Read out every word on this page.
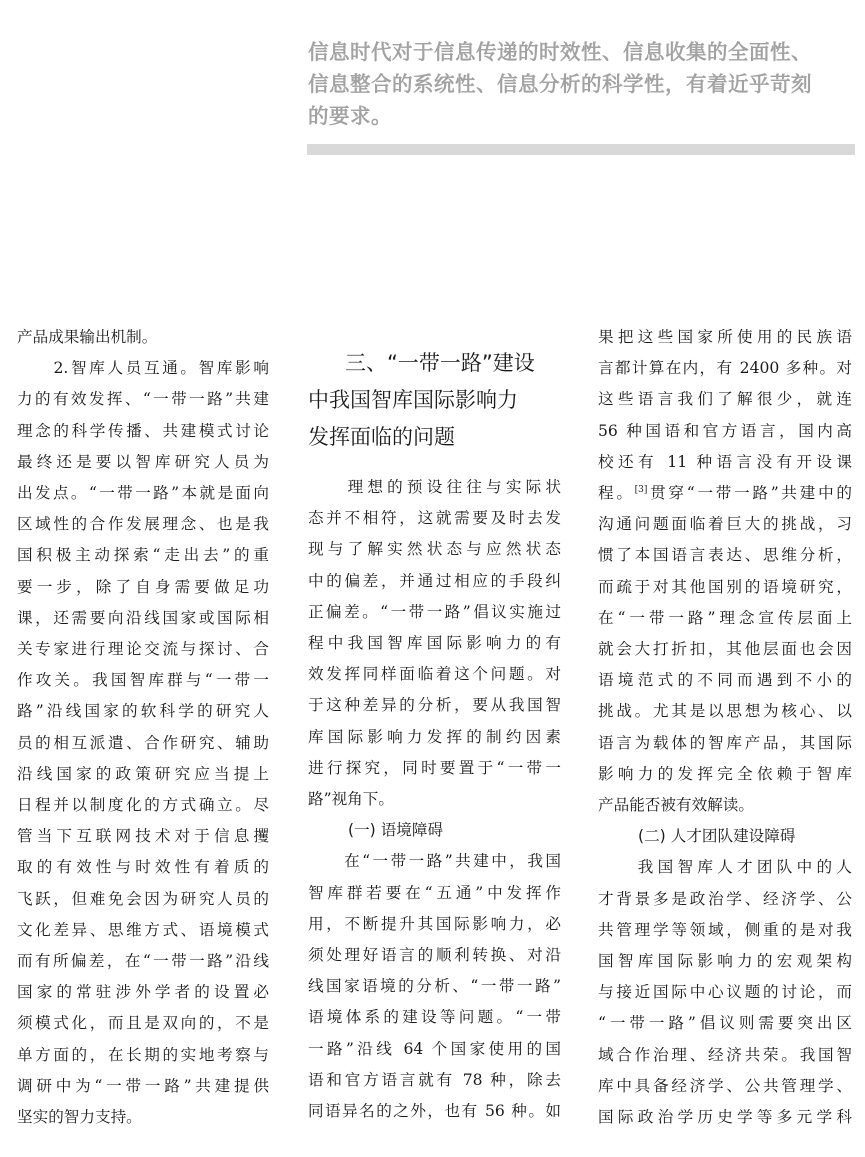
信息时代对于信息传递的时效性、信息收集的全面性、
信息整合的系统性、信息分析的科学性，有着近乎苛刻
的要求。
产品成果输出机制。
　　2.智库人员互通。智库影响
力的有效发挥、“一带一路”共建
理念的科学传播、共建模式讨论
最终还是要以智库研究人员为
出发点。“一带一路”本就是面向
区域性的合作发展理念、也是我
国积极主动探索“走出去”的重
要一步，除了自身需要做足功
课，还需要向沿线国家或国际相
关专家进行理论交流与探讨、合
作攻关。我国智库群与“一带一
路”沿线国家的软科学的研究人
员的相互派遣、合作研究、辅助
沿线国家的政策研究应当提上
日程并以制度化的方式确立。尽
管当下互联网技术对于信息攫
取的有效性与时效性有着质的
飞跃，但难免会因为研究人员的
文化差异、思维方式、语境模式
而有所偏差，在“一带一路”沿线
国家的常驻涉外学者的设置必
须模式化，而且是双向的，不是
单方面的，在长期的实地考察与
调研中为“一带一路”共建提供
坚实的智力支持。
三、“一带一路”建设
中我国智库国际影响力
发挥面临的问题
　　理想的预设往往与实际状
态并不相符，这就需要及时去发
现与了解实然状态与应然状态
中的偏差，并通过相应的手段纠
正偏差。“一带一路”倡议实施过
程中我国智库国际影响力的有
效发挥同样面临着这个问题。对
于这种差异的分析，要从我国智
库国际影响力发挥的制约因素
进行探究，同时要置于“一带一
路”视角下。
(一) 语境障碍
　　在“一带一路”共建中，我国
智库群若要在“五通”中发挥作
用，不断提升其国际影响力，必
须处理好语言的顺利转换、对沿
线国家语境的分析、“一带一路”
语境体系的建设等问题。“一带
一路”沿线 64 个国家使用的国
语和官方语言就有 78 种，除去
同语异名的之外，也有 56 种。如
果把这些国家所使用的民族语
言都计算在内，有 2400 多种。对
这些语言我们了解很少，就连
56 种国语和官方语言，国内高
校还有 11 种语言没有开设课
程。[3]贯穿“一带一路”共建中的
沟通问题面临着巨大的挑战，习
惯了本国语言表达、思维分析，
而疏于对其他国别的语境研究，
在“一带一路”理念宣传层面上
就会大打折扣，其他层面也会因
语境范式的不同而遇到不小的
挑战。尤其是以思想为核心、以
语言为载体的智库产品，其国际
影响力的发挥完全依赖于智库
产品能否被有效解读。
(二) 人才团队建设障碍
　　我国智库人才团队中的人
才背景多是政治学、经济学、公
共管理学等领域，侧重的是对我
国智库国际影响力的宏观架构
与接近国际中心议题的讨论，而
“一带一路”倡议则需要突出区
域合作治理、经济共荣。我国智
库中具备经济学、公共管理学、
国际政治学历史学等多元学科
